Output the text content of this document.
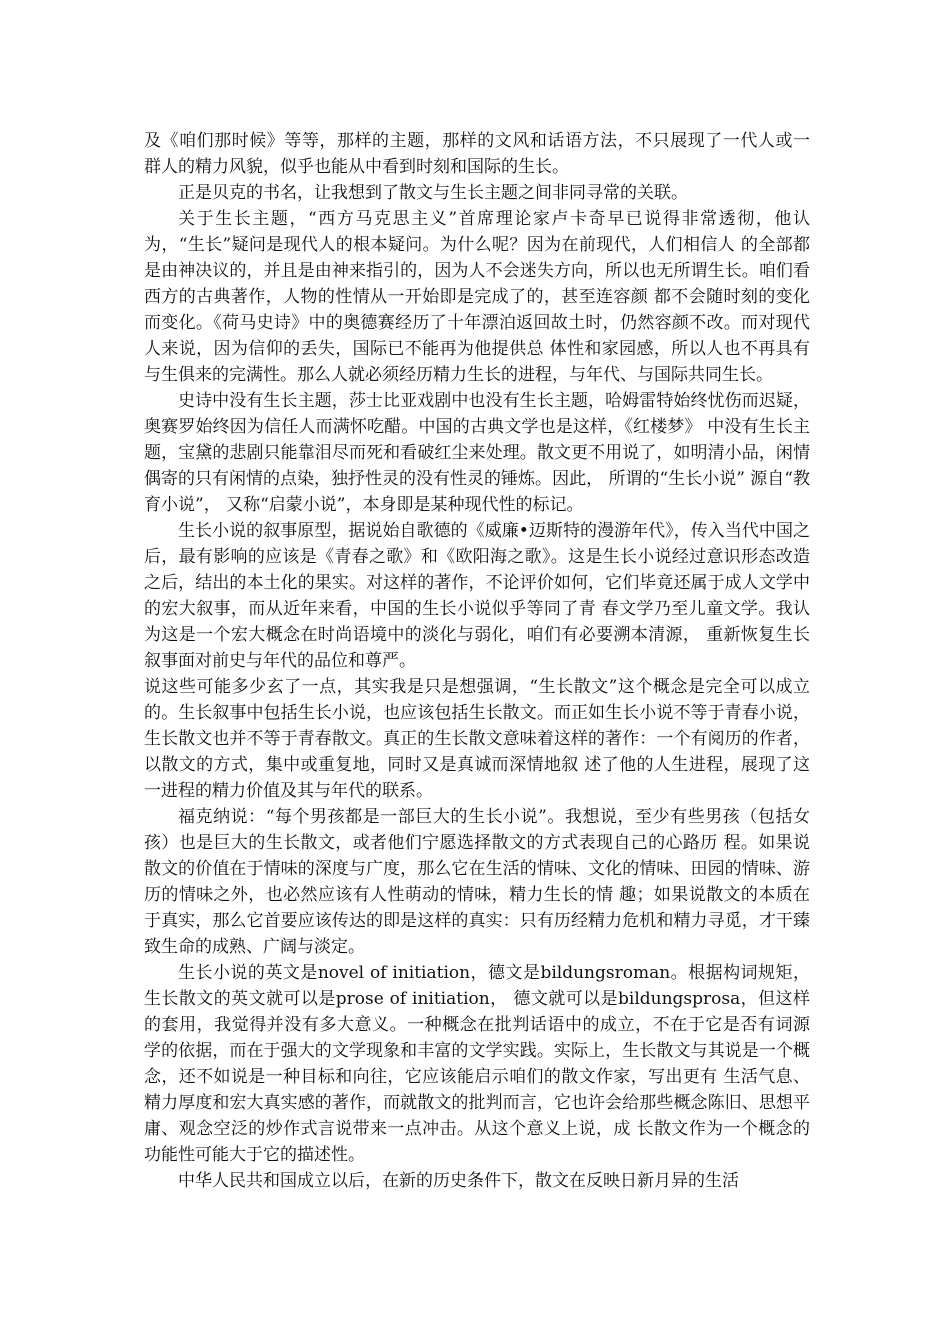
及《咱们那时候》等等，那样的主题，那样的文风和话语方法，不只展现了一代人或一 群人的精力风貌，似乎也能从中看到时刻和国际的生长。

正是贝克的书名，让我想到了散文与生长主题之间非同寻常的关联。

关于生长主题，“西方马克思主义”首席理论家卢卡奇早已说得非常透彻，他认为，“生长”疑问是现代人的根本疑问。为什么呢？因为在前现代，人们相信人 的全部都是由神决议的，并且是由神来指引的，因为人不会迷失方向，所以也无所谓生长。咱们看西方的古典著作，人物的性情从一开始即是完成了的，甚至连容颜 都不会随时刻的变化而变化。《荷马史诗》中的奥德赛经历了十年漂泊返回故土时，仍然容颜不改。而对现代人来说，因为信仰的丢失，国际已不能再为他提供总 体性和家园感，所以人也不再具有与生俱来的完满性。那么人就必须经历精力生长的进程，与年代、与国际共同生长。

史诗中没有生长主题，莎士比亚戏剧中也没有生长主题，哈姆雷特始终忧伤而迟疑，奥赛罗始终因为信任人而满怀吃醋。中国的古典文学也是这样，《红楼梦》 中没有生长主题，宝黛的悲剧只能靠泪尽而死和看破红尘来处理。散文更不用说了，如明清小品，闲情偶寄的只有闲情的点染，独抒性灵的没有性灵的锤炼。因此， 所谓的“生长小说” 源自“教育小说”， 又称“启蒙小说”，本身即是某种现代性的标记。

生长小说的叙事原型，据说始自歌德的《威廉•迈斯特的漫游年代》，传入当代中国之后，最有影响的应该是《青春之歌》和《欧阳海之歌》。这是生长小说经过意识形态改造之后，结出的本土化的果实。对这样的著作，不论评价如何，它们毕竟还属于成人文学中的宏大叙事，而从近年来看，中国的生长小说似乎等同了青 春文学乃至儿童文学。我认为这是一个宏大概念在时尚语境中的淡化与弱化，咱们有必要溯本清源， 重新恢复生长叙事面对前史与年代的品位和尊严。

说这些可能多少玄了一点，其实我是只是想强调，“生长散文”这个概念是完全可以成立的。生长叙事中包括生长小说，也应该包括生长散文。而正如生长小说不等于青春小说，生长散文也并不等于青春散文。真正的生长散文意味着这样的著作：一个有阅历的作者，以散文的方式，集中或重复地，同时又是真诚而深情地叙 述了他的人生进程，展现了这一进程的精力价值及其与年代的联系。

福克纳说：“每个男孩都是一部巨大的生长小说”。我想说，至少有些男孩（包括女孩）也是巨大的生长散文，或者他们宁愿选择散文的方式表现自己的心路历 程。如果说散文的价值在于情味的深度与广度，那么它在生活的情味、文化的情味、田园的情味、游历的情味之外，也必然应该有人性萌动的情味，精力生长的情 趣；如果说散文的本质在于真实，那么它首要应该传达的即是这样的真实：只有历经精力危机和精力寻觅，才干臻致生命的成熟、广阔与淡定。

生长小说的英文是novel of initiation，德文是bildungsroman。根据构词规矩，生长散文的英文就可以是prose of initiation， 德文就可以是bildungsprosa，但这样的套用，我觉得并没有多大意义。一种概念在批判话语中的成立，不在于它是否有词源 学的依据，而在于强大的文学现象和丰富的文学实践。实际上，生长散文与其说是一个概念，还不如说是一种目标和向往，它应该能启示咱们的散文作家，写出更有 生活气息、精力厚度和宏大真实感的著作，而就散文的批判而言，它也许会给那些概念陈旧、思想平庸、观念空泛的炒作式言说带来一点冲击。从这个意义上说，成 长散文作为一个概念的功能性可能大于它的描述性。

中华人民共和国成立以后，在新的历史条件下，散文在反映日新月异的生活
